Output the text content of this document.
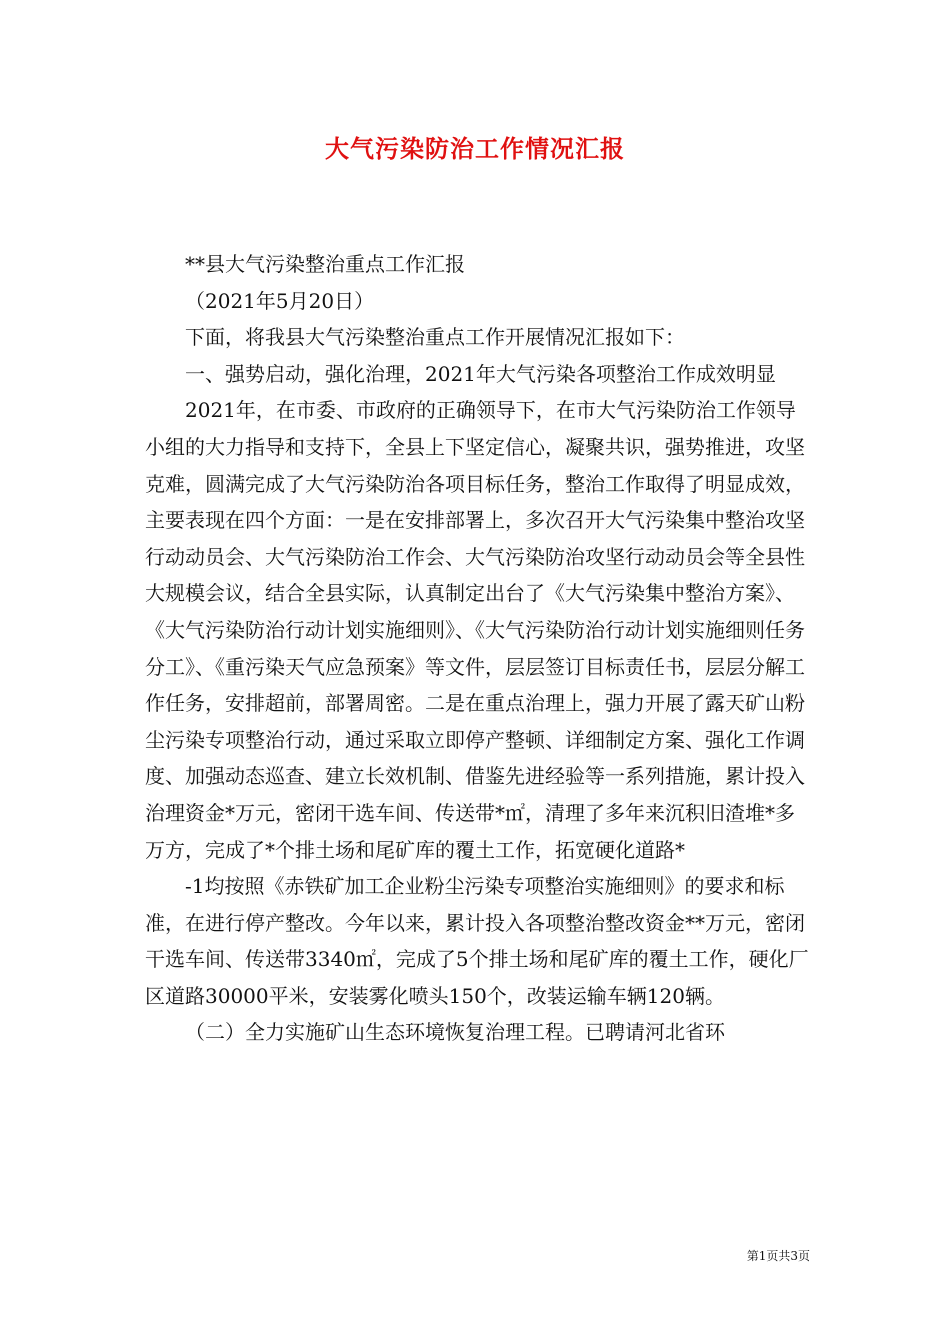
大气污染防治工作情况汇报

**县大气污染整治重点工作汇报

（2021年5月20日）

下面，将我县大气污染整治重点工作开展情况汇报如下：

一、强势启动，强化治理，2021年大气污染各项整治工作成效明显

2021年，在市委、市政府的正确领导下，在市大气污染防治工作领导小组的大力指导和支持下，全县上下坚定信心，凝聚共识，强势推进，攻坚克难，圆满完成了大气污染防治各项目标任务，整治工作取得了明显成效，主要表现在四个方面：一是在安排部署上，多次召开大气污染集中整治攻坚行动动员会、大气污染防治工作会、大气污染防治攻坚行动动员会等全县性大规模会议，结合全县实际，认真制定出台了《大气污染集中整治方案》、《大气污染防治行动计划实施细则》、《大气污染防治行动计划实施细则任务分工》、《重污染天气应急预案》等文件，层层签订目标责任书，层层分解工作任务，安排超前，部署周密。二是在重点治理上，强力开展了露天矿山粉尘污染专项整治行动，通过采取立即停产整顿、详细制定方案、强化工作调度、加强动态巡查、建立长效机制、借鉴先进经验等一系列措施，累计投入治理资金*万元，密闭干选车间、传送带*㎡，清理了多年来沉积旧渣堆*多万方，完成了*个排土场和尾矿库的覆土工作，拓宽硬化道路*

-1均按照《赤铁矿加工企业粉尘污染专项整治实施细则》的要求和标准，在进行停产整改。今年以来，累计投入各项整治整改资金**万元，密闭干选车间、传送带3340㎡，完成了5个排土场和尾矿库的覆土工作，硬化厂区道路30000平米，安装雾化喷头150个，改装运输车辆120辆。

（二）全力实施矿山生态环境恢复治理工程。已聘请河北省环

第1页共3页
